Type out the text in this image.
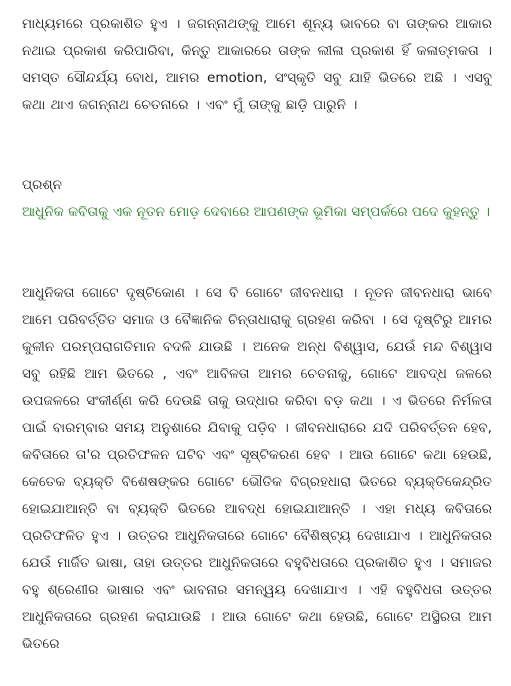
ମାଧ୍ୟମରେ ପ୍ରକାଶିତ ହୁଏ । ଜଗନ୍ନାଥଙ୍କୁ ଆମେ ଶୂନ୍ୟ ଭାବରେ ବା ତାଙ୍କର ଆକାର ନଥାଇ ପ୍ରକାଶ କରିପାରିବା, କିନ୍ତୁ ଆକାରରେ ତାଙ୍କ ଲୀଳା ପ୍ରକାଶ ହିଁ କଳାତ୍ମକତା । ସମସ୍ତ ସୌନ୍ଦର୍ଯ୍ୟ ବୋଧ, ଆମର emotion, ସଂସ୍କୃତି ସବୁ ଯାହି ଭିତରେ ଅଛି । ଏସବୁ କଥା ଥାଏ ଜଗନ୍ନାଥ ଚେତନାରେ । ଏବଂ ମୁଁ ତାଙ୍କୁ ଛାଡ଼ି ପାରୁନି ।

ପ୍ରଶ୍ନ
ଆଧୁନିକ କବିତାକୁ ଏକ ନୂତନ ମୋଡ଼ ଦେବାରେ ଆପଣଙ୍କ ଭୂମିକା ସମ୍ପର୍କରେ ପଦେ କୁହନ୍ତୁ ।

ଆଧୁନିକତା ଗୋଟେ ଦୃଷ୍ଟିକୋଣ । ସେ ବି ଗୋଟେ ଜୀବନଧାରା । ନୂତନ ଜୀବନଧାରା ଭାବେ ଆମେ ପରିବର୍ତ୍ତିତ ସମାଜ ଓ ବୈଜ୍ଞାନିକ ଚିନ୍ତାଧାରାକୁ ଗ୍ରହଣ କରିବା । ସେ ଦୃଷ୍ଟିରୁ ଆମର କୁଳୀନ ପରମ୍ପରାଗତିମାନ ବଦଳି ଯାଉଛି । ଅନେକ ଅନ୍ଧ ବିଶ୍ୱାସ, ଯେଉଁ ମନ୍ଦ ବିଶ୍ୱାସ ସବୁ ରହିଛି ଆମ ଭିତରେ , ଏବଂ ଆବିଳତା ଆମର ଚେତନାକୁ, ଗୋଟେ ଆବଦ୍ଧ ଜଳରେ ଉପଜଳରେ ସଂକୀର୍ଣ୍ଣ କରି ଦେଉଛି ତାକୁ ଉଦ୍ଧାର କରିବା ବଡ଼ କଥା । ଏ ଭିତରେ ନିର୍ମଳତା ପାଇଁ ବାରମ୍ବାର ସମୟ ଅନୁଶାରେ ଯିବାକୁ ପଡ଼ିବ । ଜୀବନଧାରାରେ ଯଦି ପରିବର୍ତ୍ତନ ହେବ, କବିତାରେ ତା'ର ପ୍ରତିଫଳନ ଘଟିବ ଏବଂ ସୃଷ୍ଟିକରଣ ହେବ । ଆଉ ଗୋଟେ କଥା ହେଉଛି, କେତେକ ବ୍ୟକ୍ତି ବିଶେଷଙ୍କର ଗୋଟେ ଭୌତିକ ବିଗ୍ରହଧାରା ଭିତରେ ବ୍ୟକ୍ତିକେନ୍ଦ୍ରିତ ହୋଇଯାଆନ୍ତି ବା ବ୍ୟକ୍ତି ଭିତରେ ଆବଦ୍ଧ ହୋଇଯାଆନ୍ତି । ଏହା ମଧ୍ୟ କବିତାରେ ପ୍ରତିଫଳିତ ହୁଏ । ଉତ୍ତର ଆଧୁନିକତାରେ ଗୋଟେ ବୈଶିଷ୍ଟ୍ୟ ଦେଖାଯାଏ । ଆଧୁନିକତାର ଯେଉଁ ମାର୍ଜିତ ଭାଷା, ତାହା ଉତ୍ତର ଆଧୁନିକତାରେ ବହୁବିଧତାରେ ପ୍ରକାଶିତ ହୁଏ । ସମାଜର ବହୁ ଶ୍ରେଣୀର ଭାଷାର ଏବଂ ଭାବନାର ସମନ୍ୱୟ ଦେଖାଯାଏ । ଏହି ବହୁବିଧତା ଉତ୍ତର ଆଧୁନିକତାରେ ଗ୍ରହଣ କରାଯାଉଛି । ଆଉ ଗୋଟେ କଥା ହେଉଛି, ଗୋଟେ ଅସ୍ଥିରତା ଆମ ଭିତରେ
